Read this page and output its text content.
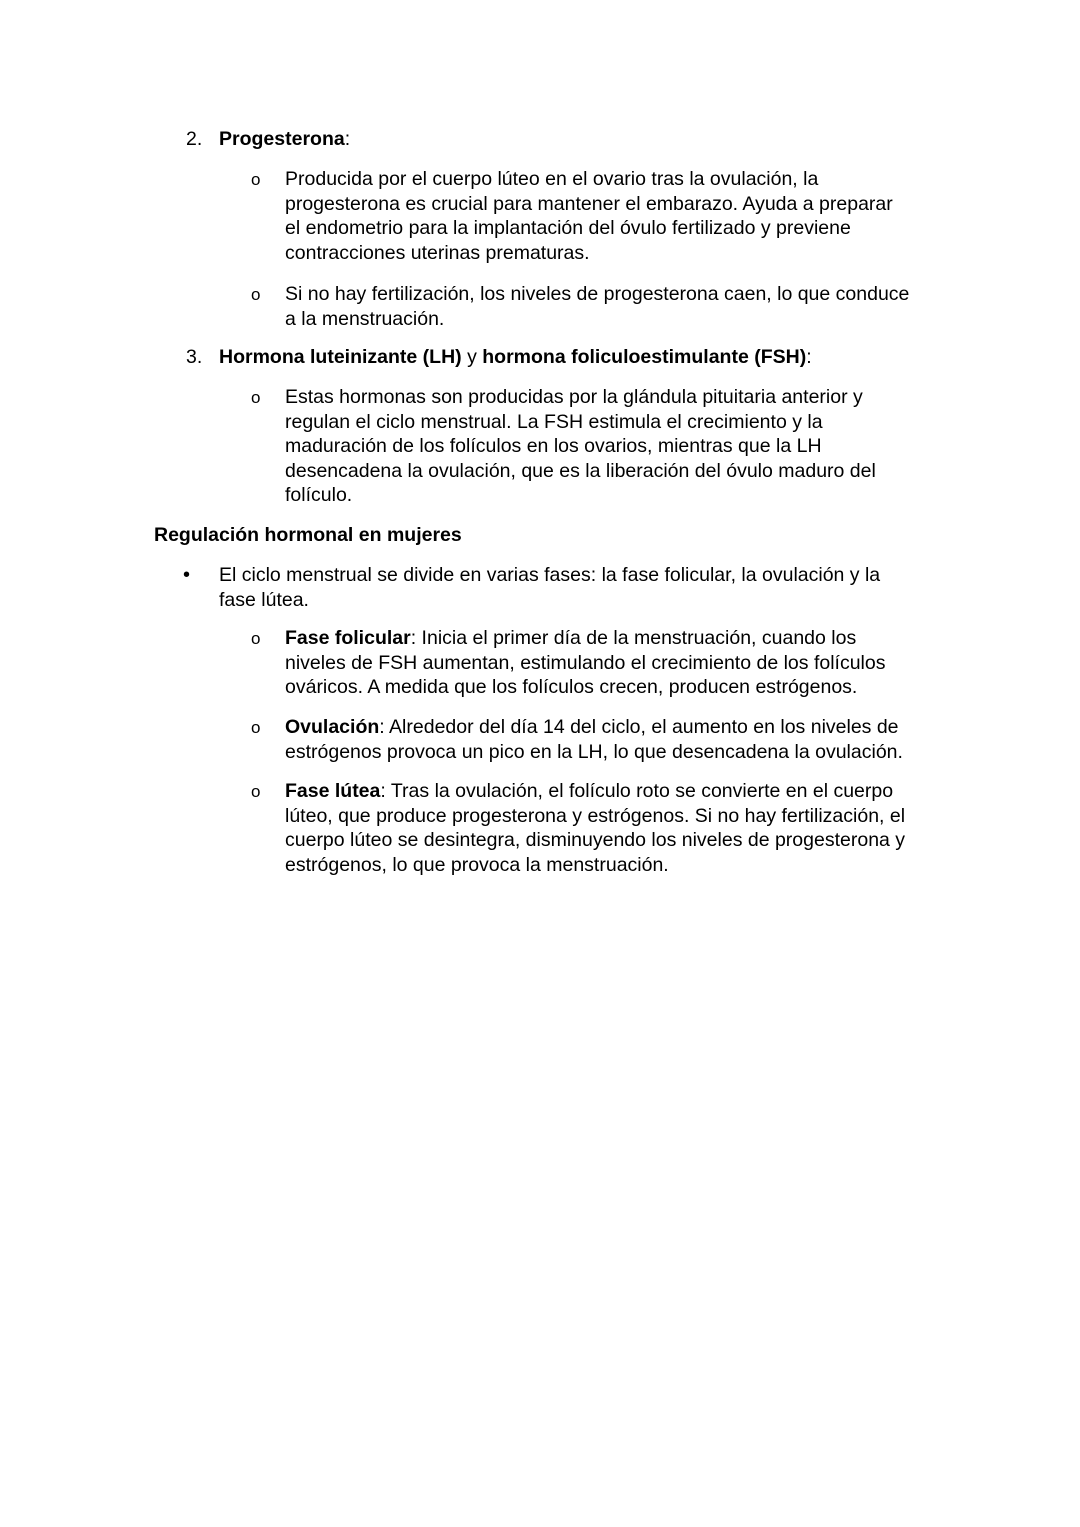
2. Progesterona:
o Producida por el cuerpo lúteo en el ovario tras la ovulación, la
progesterona es crucial para mantener el embarazo. Ayuda a preparar
el endometrio para la implantación del óvulo fertilizado y previene
contracciones uterinas prematuras.
o Si no hay fertilización, los niveles de progesterona caen, lo que conduce
a la menstruación.
3. Hormona luteinizante (LH) y hormona foliculoestimulante (FSH):
o Estas hormonas son producidas por la glándula pituitaria anterior y
regulan el ciclo menstrual. La FSH estimula el crecimiento y la
maduración de los folículos en los ovarios, mientras que la LH
desencadena la ovulación, que es la liberación del óvulo maduro del
folículo.
Regulación hormonal en mujeres
• El ciclo menstrual se divide en varias fases: la fase folicular, la ovulación y la
fase lútea.
o Fase folicular: Inicia el primer día de la menstruación, cuando los
niveles de FSH aumentan, estimulando el crecimiento de los folículos
ováricos. A medida que los folículos crecen, producen estrógenos.
o Ovulación: Alrededor del día 14 del ciclo, el aumento en los niveles de
estrógenos provoca un pico en la LH, lo que desencadena la ovulación.
o Fase lútea: Tras la ovulación, el folículo roto se convierte en el cuerpo
lúteo, que produce progesterona y estrógenos. Si no hay fertilización, el
cuerpo lúteo se desintegra, disminuyendo los niveles de progesterona y
estrógenos, lo que provoca la menstruación.
